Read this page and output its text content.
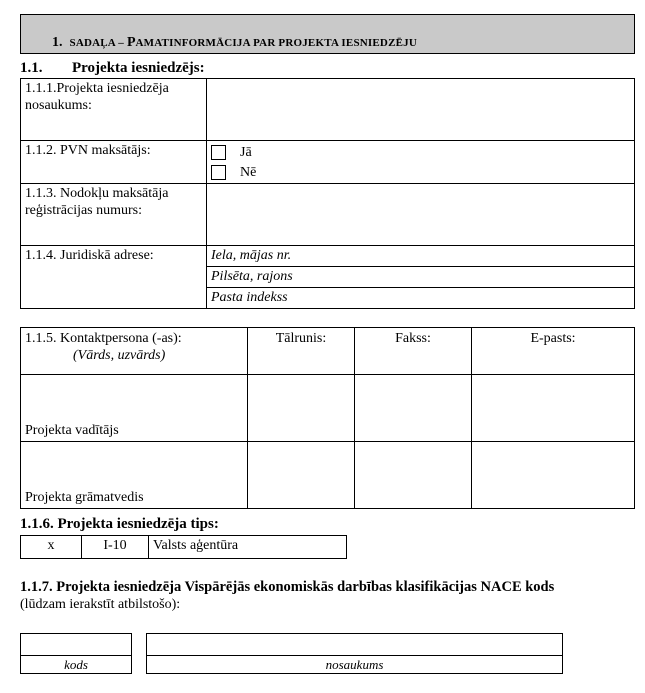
1. SADAĻA – PAMATINFORMĀCIJA PAR PROJEKTA IESNIEDZĒJU
1.1. Projekta iesniedzējs:
1.1.1.Projekta iesniedzēja nosaukums:	
1.1.2. PVN maksātājs:	Jā
Nē

1.1.3. Nodokļu maksātāja reģistrācijas numurs:	
1.1.4. Juridiskā adrese:	Iela, mājas nr.
	Pilsēta, rajons
	Pasta indekss
1.1.5. Kontaktpersona (-as):
(Vārds, uzvārds)	Tālrunis:	Fakss:	E-pasts:
Projekta vadītājs			
Projekta grāmatvedis			
1.1.6. Projekta iesniedzēja tips:
x	I-10	Valsts aģentūra
1.1.7. Projekta iesniedzēja Vispārējās ekonomiskās darbības klasifikācijas NACE kods
(lūdzam ierakstīt atbilstošo):
kods	nosaukums
